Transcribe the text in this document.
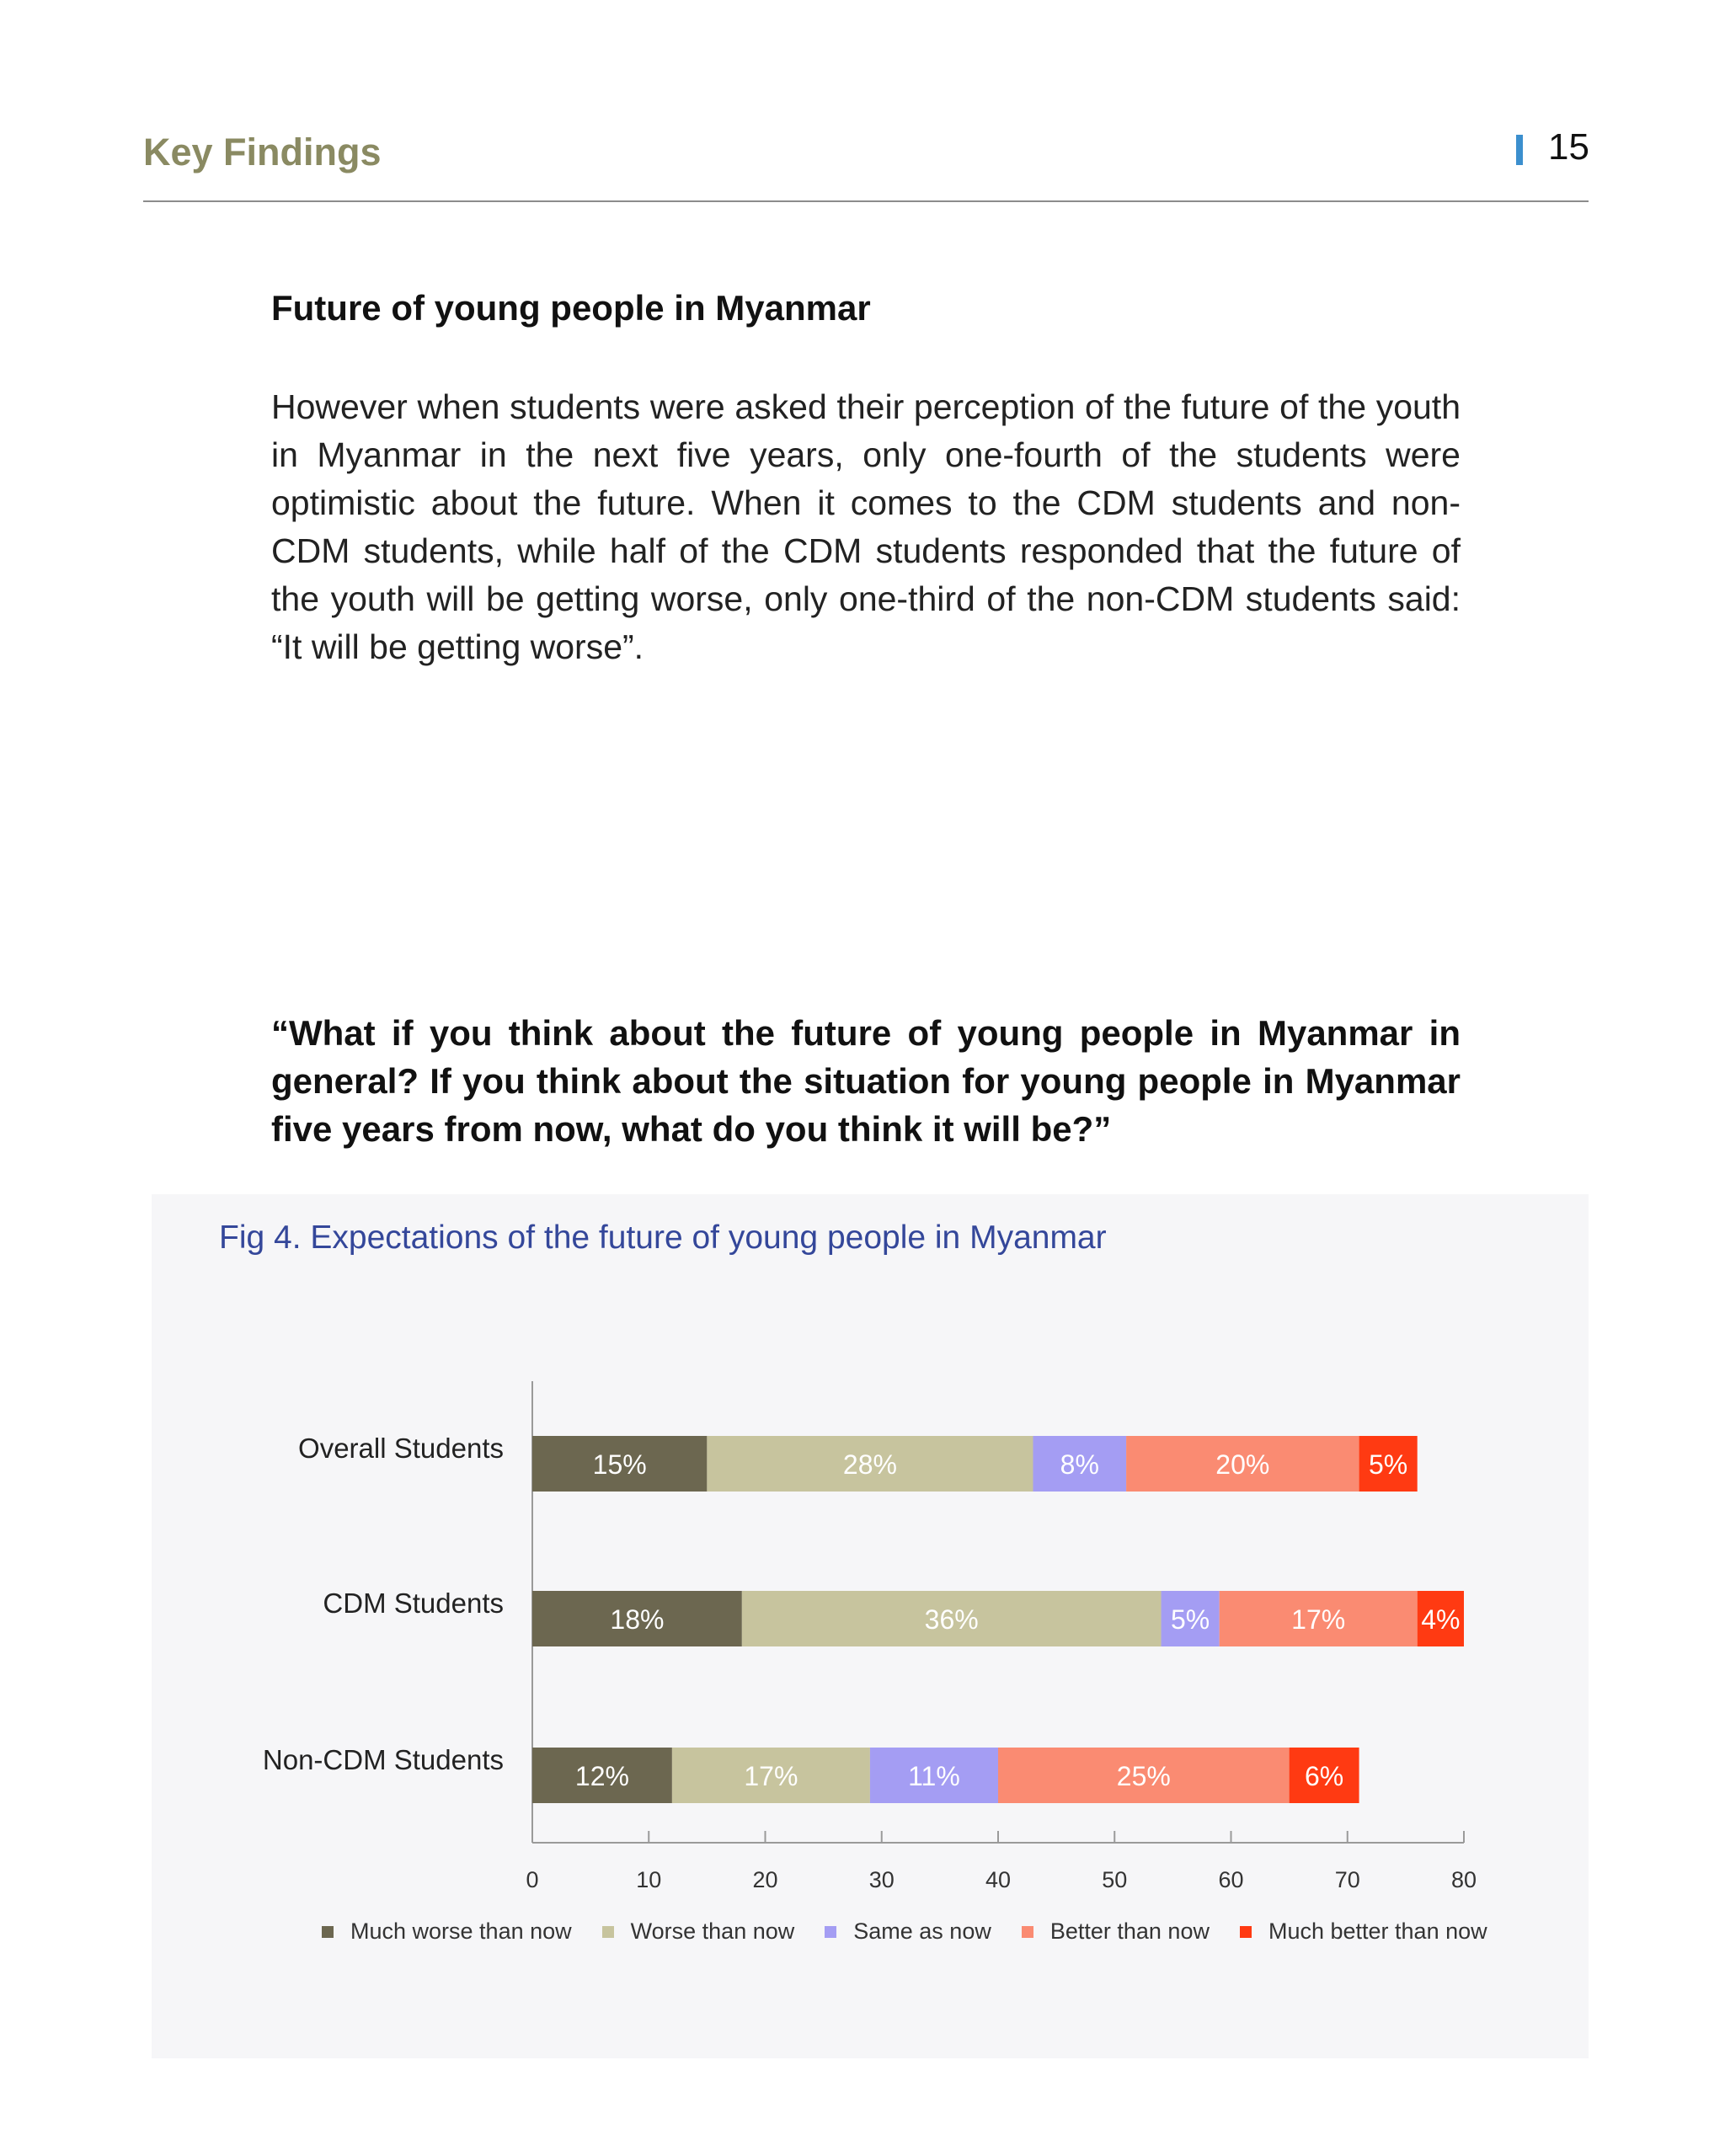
Key Findings	15
Future of young people in Myanmar

However when students were asked their perception of the future of the youth in Myanmar in the next five years, only one-fourth of the students were optimistic about the future. When it comes to the CDM students and non-CDM students, while half of the CDM students responded that the future of the youth will be getting worse, only one-third of the non-CDM students said: “It will be getting worse”.

“What if you think about the future of young people in Myanmar in general? If you think about the situation for young people in Myanmar five years from now, what do you think it will be?”

Fig 4. Expectations of the future of young people in Myanmar
0	10	20	30	40	50	60	70	80
Overall Students
15%	28%	8%	20%	5%
CDM Students
18%	36%	5%	17%	4%
Non-CDM Students
12%	17%	11%	25%	6%
Much worse than now	Worse than now	Same as now	Better than now	Much better than now
